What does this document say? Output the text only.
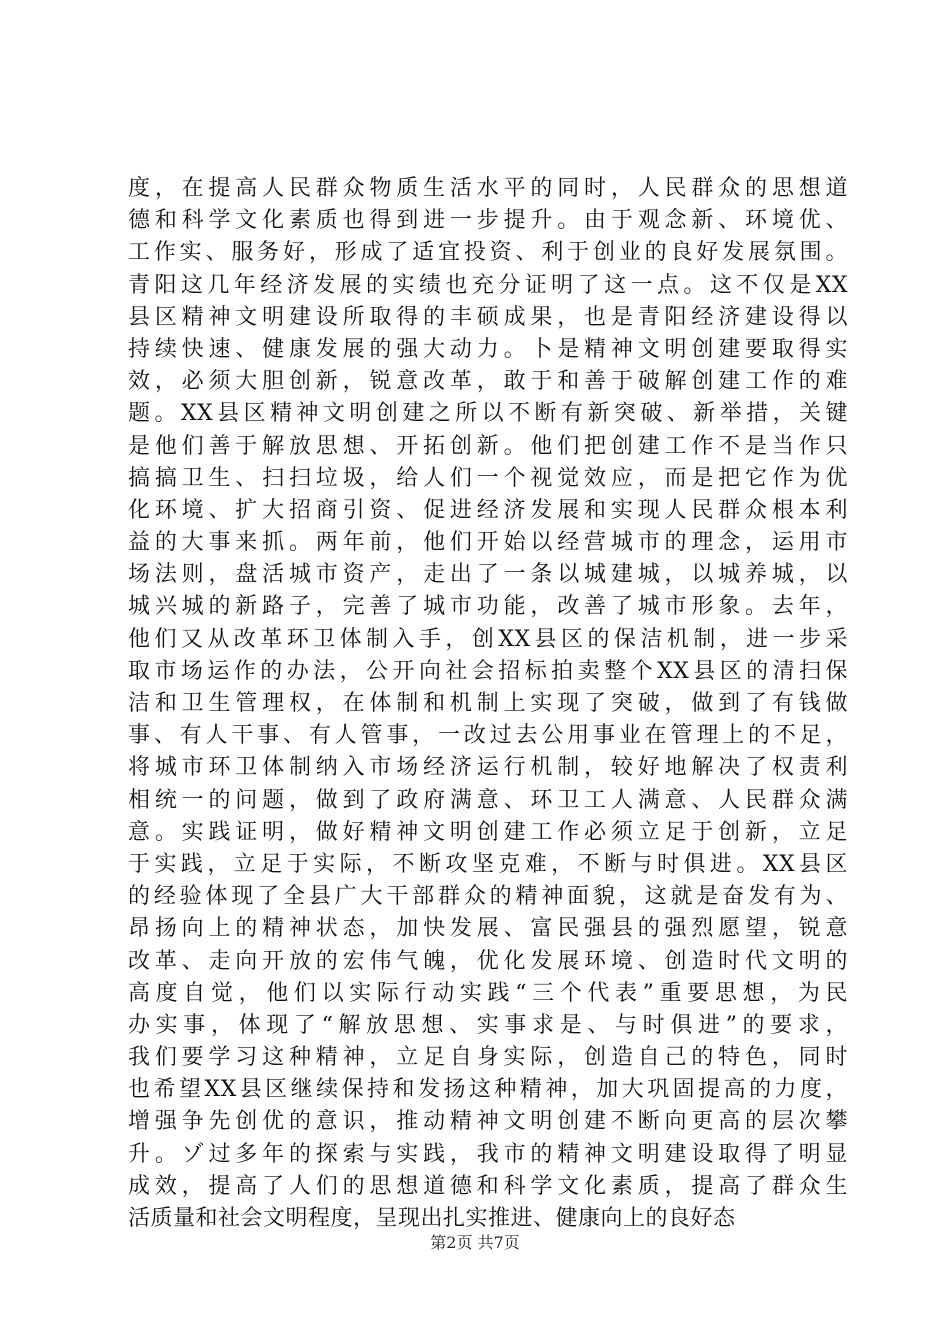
度，在提高人民群众物质生活水平的同时，人民群众的思想道
德和科学文化素质也得到进一步提升。由于观念新、环境优、
工作实、服务好，形成了适宜投资、利于创业的良好发展氛围。
青阳这几年经济发展的实绩也充分证明了这一点。这不仅是XX
县区精神文明建设所取得的丰硕成果，也是青阳经济建设得以
持续快速、健康发展的强大动力。卜是精神文明创建要取得实
效，必须大胆创新，锐意改革，敢于和善于破解创建工作的难
题。XX县区精神文明创建之所以不断有新突破、新举措，关键
是他们善于解放思想、开拓创新。他们把创建工作不是当作只
搞搞卫生、扫扫垃圾，给人们一个视觉效应，而是把它作为优
化环境、扩大招商引资、促进经济发展和实现人民群众根本利
益的大事来抓。两年前，他们开始以经营城市的理念，运用市
场法则，盘活城市资产，走出了一条以城建城，以城养城，以
城兴城的新路子，完善了城市功能，改善了城市形象。去年，
他们又从改革环卫体制入手，创XX县区的保洁机制，进一步采
取市场运作的办法，公开向社会招标拍卖整个XX县区的清扫保
洁和卫生管理权，在体制和机制上实现了突破，做到了有钱做
事、有人干事、有人管事，一改过去公用事业在管理上的不足，
将城市环卫体制纳入市场经济运行机制，较好地解决了权责利
相统一的问题，做到了政府满意、环卫工人满意、人民群众满
意。实践证明，做好精神文明创建工作必须立足于创新，立足
于实践，立足于实际，不断攻坚克难，不断与时俱进。XX县区
的经验体现了全县广大干部群众的精神面貌，这就是奋发有为、
昂扬向上的精神状态，加快发展、富民强县的强烈愿望，锐意
改革、走向开放的宏伟气魄，优化发展环境、创造时代文明的
高度自觉，他们以实际行动实践“三个代表”重要思想，为民
办实事，体现了“解放思想、实事求是、与时俱进”的要求，
我们要学习这种精神，立足自身实际，创造自己的特色，同时
也希望XX县区继续保持和发扬这种精神，加大巩固提高的力度，
增强争先创优的意识，推动精神文明创建不断向更高的层次攀
升。ゾ过多年的探索与实践，我市的精神文明建设取得了明显
成效，提高了人们的思想道德和科学文化素质，提高了群众生
活质量和社会文明程度，呈现出扎实推进、健康向上的良好态
第2页 共7页
